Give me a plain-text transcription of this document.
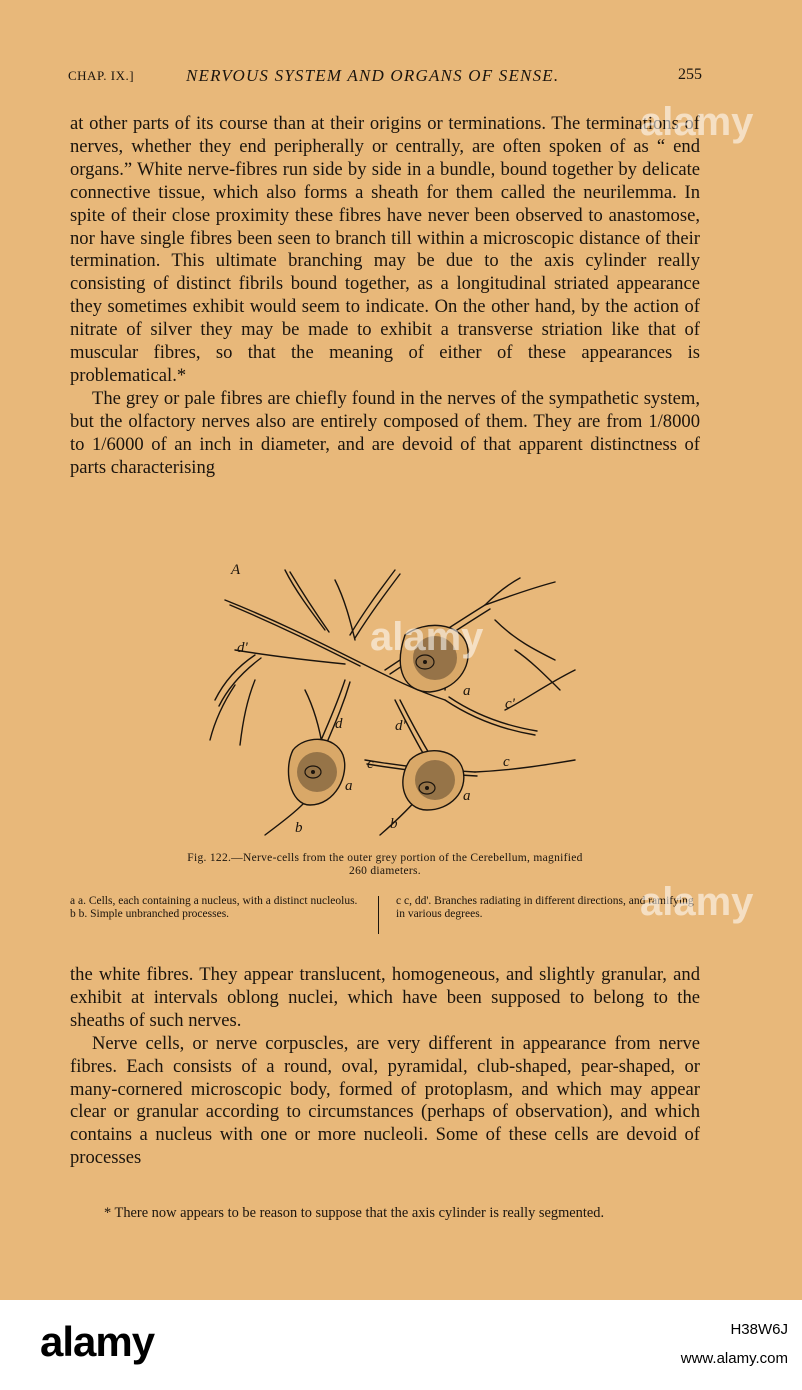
CHAP. IX.]	NERVOUS SYSTEM AND ORGANS OF SENSE.	255

at other parts of its course than at their origins or terminations. The terminations of nerves, whether they end peripherally or centrally, are often spoken of as “ end organs.” White nerve-fibres run side by side in a bundle, bound together by delicate connective tissue, which also forms a sheath for them called the neurilemma. In spite of their close proximity these fibres have never been observed to anastomose, nor have single fibres been seen to branch till within a microscopic distance of their termination. This ultimate branching may be due to the axis cylinder really consisting of distinct fibrils bound together, as a longitudinal striated appearance they sometimes exhibit would seem to indicate. On the other hand, by the action of nitrate of silver they may be made to exhibit a transverse striation like that of muscular fibres, so that the meaning of either of these appearances is problematical.*

The grey or pale fibres are chiefly found in the nerves of the sympathetic system, but the olfactory nerves also are entirely composed of them. They are from 1/8000 to 1/6000 of an inch in diameter, and are devoid of that apparent distinctness of parts characterising

A
a
a
a
b	b
c	c
c'
d
d'
d'
Fig. 122.—Nerve-cells from the outer grey portion of the Cerebellum, magnified
260 diameters.
a a. Cells, each containing a nucleus, with a distinct nucleolus.
b b. Simple unbranched processes.
c c, dd'. Branches radiating in different directions, and ramifying in various degrees.

the white fibres. They appear translucent, homogeneous, and slightly granular, and exhibit at intervals oblong nuclei, which have been supposed to belong to the sheaths of such nerves.

Nerve cells, or nerve corpuscles, are very different in appearance from nerve fibres. Each consists of a round, oval, pyramidal, club-shaped, pear-shaped, or many-cornered microscopic body, formed of protoplasm, and which may appear clear or granular according to circumstances (perhaps of observation), and which contains a nucleus with one or more nucleoli. Some of these cells are devoid of processes

* There now appears to be reason to suppose that the axis cylinder is really segmented.
alamy
alamy
alamy
alamy	H38W6J
www.alamy.com
